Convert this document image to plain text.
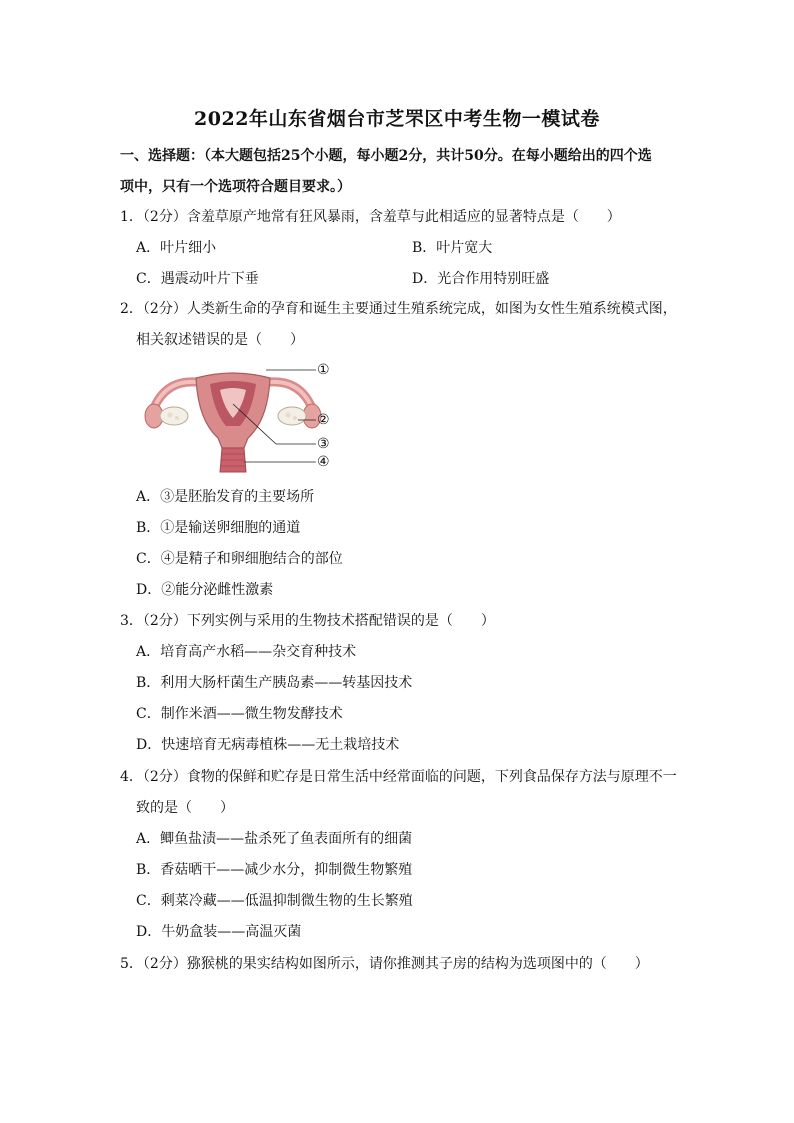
2022年山东省烟台市芝罘区中考生物一模试卷
一、选择题：（本大题包括25个小题，每小题2分，共计50分。在每小题给出的四个选
项中，只有一个选项符合题目要求。）
1．（2分）含羞草原产地常有狂风暴雨，含羞草与此相适应的显著特点是（　　）
A．叶片细小	B．叶片宽大
C．遇震动叶片下垂	D．光合作用特别旺盛
2．（2分）人类新生命的孕育和诞生主要通过生殖系统完成，如图为女性生殖系统模式图，
相关叙述错误的是（　　）
①
②
③
④
A．③是胚胎发育的主要场所
B．①是输送卵细胞的通道
C．④是精子和卵细胞结合的部位
D．②能分泌雌性激素
3．（2分）下列实例与采用的生物技术搭配错误的是（　　）
A．培育高产水稻——杂交育种技术
B．利用大肠杆菌生产胰岛素——转基因技术
C．制作米酒——微生物发酵技术
D．快速培育无病毒植株——无土栽培技术
4．（2分）食物的保鲜和贮存是日常生活中经常面临的问题，下列食品保存方法与原理不一
致的是（　　）
A．鲫鱼盐渍——盐杀死了鱼表面所有的细菌
B．香菇晒干——减少水分，抑制微生物繁殖
C．剩菜冷藏——低温抑制微生物的生长繁殖
D．牛奶盒装——高温灭菌
5．（2分）猕猴桃的果实结构如图所示，请你推测其子房的结构为选项图中的（　　）
